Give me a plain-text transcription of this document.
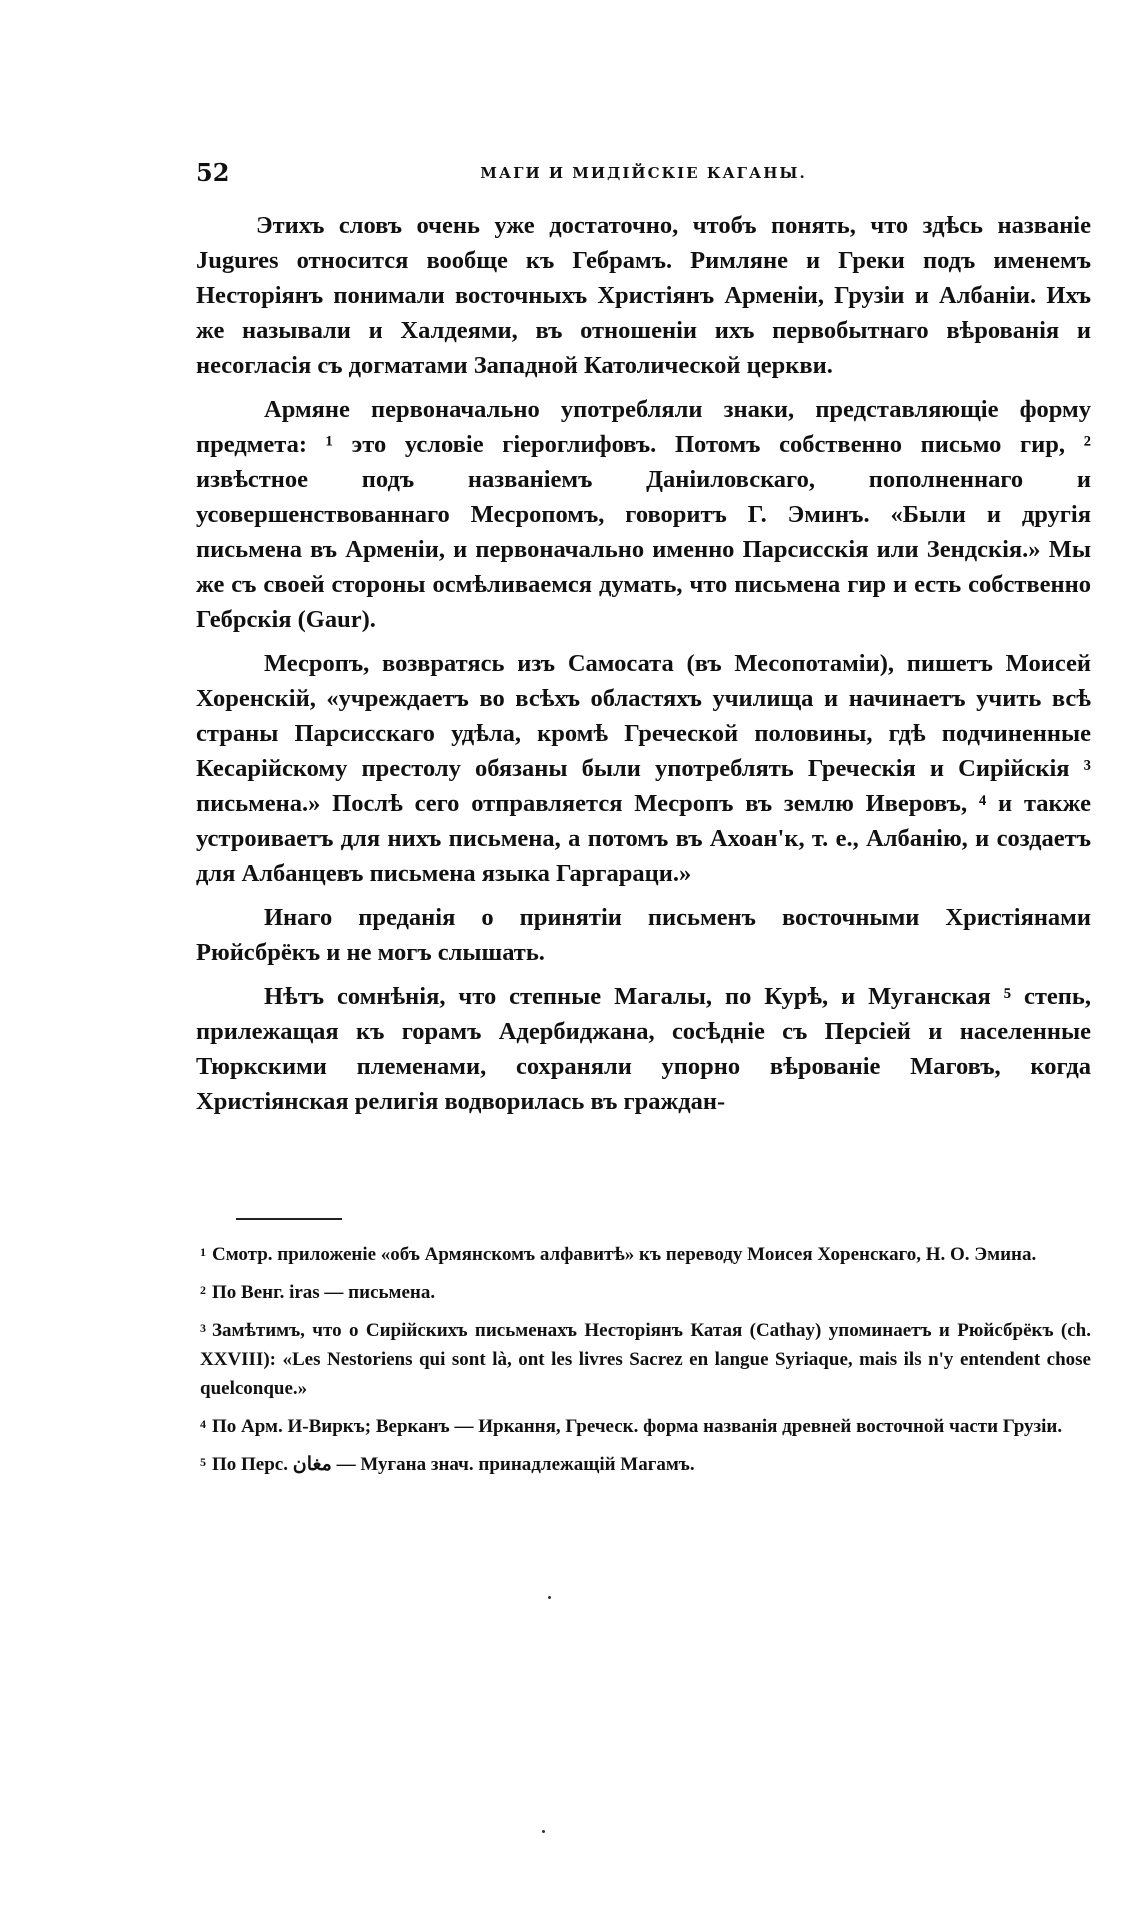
52	МАГИ И МИДІЙСКІЕ КАГАНЫ.

Этихъ словъ очень уже достаточно, чтобъ понять, что здѣсь названіе Jugures относится вообще къ Гебрамъ. Римляне и Греки подъ именемъ Несторіянъ понимали восточныхъ Христіянъ Арменіи, Грузіи и Албаніи. Ихъ же называли и Халдеями, въ отношеніи ихъ первобытнаго вѣрованія и несогласія съ догматами Западной Католической церкви.

Армяне первоначально употребляли знаки, представляющіе форму предмета: ¹ это условіе гіероглифовъ. Потомъ собственно письмо гир, ² извѣстное подъ названіемъ Даніиловскаго, пополненнаго и усовершенствованнаго Месропомъ, говоритъ Г. Эминъ. «Были и другія письмена въ Арменіи, и первоначально именно Парсисскія или Зендскія.» Мы же съ своей стороны осмѣливаемся думать, что письмена гир и есть собственно Гебрскія (Gaur).

Месропъ, возвратясь изъ Самосата (въ Месопотаміи), пишетъ Моисей Хоренскій, «учреждаетъ во всѣхъ областяхъ училища и начинаетъ учить всѣ страны Парсисскаго удѣла, кромѣ Греческой половины, гдѣ подчиненные Кесарійскому престолу обязаны были употреблять Греческія и Сирійскія ³ письмена.» Послѣ сего отправляется Месропъ въ землю Иверовъ, ⁴ и также устроиваетъ для нихъ письмена, а потомъ въ Ахоан'к, т. е., Албанію, и создаетъ для Албанцевъ письмена языка Гаргараци.»

Инаго преданія о принятіи письменъ восточными Христіянами Рюйсбрёкъ и не могъ слышать.

Нѣтъ сомнѣнія, что степные Магалы, по Курѣ, и Муганская ⁵ степь, прилежащая къ горамъ Адербиджана, сосѣдніе съ Персіей и населенные Тюркскими племенами, сохраняли упорно вѣрованіе Маговъ, когда Христіянская религія водворилась въ граждан-

$^1$ Смотр. приложеніе «объ Армянскомъ алфавитѣ» къ переводу Моисея Хоренскаго, Н. О. Эмина.
$^2$ По Венг. iras — письмена.
$^3$ Замѣтимъ, что о Сирійскихъ письменахъ Несторіянъ Катая (Cathay) упоминаетъ и Рюйсбрёкъ (ch. XXVIII): «Les Nestoriens qui sont là, ont les livres Sacrez en langue Syriaque, mais ils n'y entendent chose quelconque.»
$^4$ По Арм. И-Виркъ; Верканъ — Иркання, Греческ. форма названія древней восточной части Грузіи.
$^5$ По Перс. مغان — Мугана знач. принадлежащій Магамъ.
